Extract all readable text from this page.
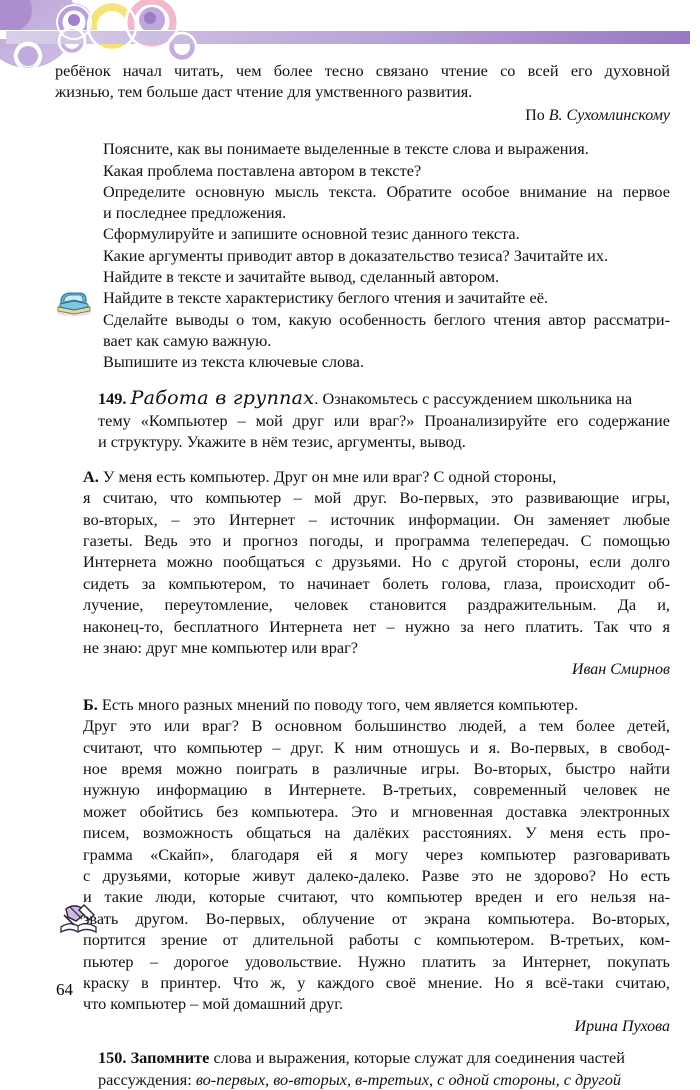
ребёнок начал читать, чем более тесно связано чтение со всей его духовной
жизнью, тем больше даст чтение для умственного развития.

По В. Сухомлинскому

Поясните, как вы понимаете выделенные в тексте слова и выражения.

Какая проблема поставлена автором в тексте?

Определите основную мысль текста. Обратите особое внимание на первое
и последнее предложения.

Сформулируйте и запишите основной тезис данного текста.

Какие аргументы приводит автор в доказательство тезиса? Зачитайте их.

Найдите в тексте и зачитайте вывод, сделанный автором.

Найдите в тексте характеристику беглого чтения и зачитайте её.

Сделайте выводы о том, какую особенность беглого чтения автор рассматри-
вает как самую важную.

Выпишите из текста ключевые слова.

149. Работа в группах. Ознакомьтесь с рассуждением школьника на
тему «Компьютер – мой друг или враг?» Проанализируйте его содержание
и структуру. Укажите в нём тезис, аргументы, вывод.

А. У меня есть компьютер. Друг он мне или враг? С одной стороны,
я считаю, что компьютер – мой друг. Во-первых, это развивающие игры,
во-вторых, – это Интернет – источник информации. Он заменяет любые
газеты. Ведь это и прогноз погоды, и программа телепередач. С помощью
Интернета можно пообщаться с друзьями. Но с другой стороны, если долго
сидеть за компьютером, то начинает болеть голова, глаза, происходит об-
лучение, переутомление, человек становится раздражительным. Да и,
наконец-то, бесплатного Интернета нет – нужно за него платить. Так что я
не знаю: друг мне компьютер или враг?

Иван Смирнов

Б. Есть много разных мнений по поводу того, чем является компьютер.
Друг это или враг? В основном большинство людей, а тем более детей,
считают, что компьютер – друг. К ним отношусь и я. Во-первых, в свобод-
ное время можно поиграть в различные игры. Во-вторых, быстро найти
нужную информацию в Интернете. В-третьих, современный человек не
может обойтись без компьютера. Это и мгновенная доставка электронных
писем, возможность общаться на далёких расстояниях. У меня есть про-
грамма «Скайп», благодаря ей я могу через компьютер разговаривать
с друзьями, которые живут далеко-далеко. Разве это не здорово? Но есть
и такие люди, которые считают, что компьютер вреден и его нельзя на-
звать другом. Во-первых, облучение от экрана компьютера. Во-вторых,
портится зрение от длительной работы с компьютером. В-третьих, ком-
пьютер – дорогое удовольствие. Нужно платить за Интернет, покупать
краску в принтер. Что ж, у каждого своё мнение. Но я всё-таки считаю,
что компьютер – мой домашний друг.

Ирина Пухова

150. Запомните слова и выражения, которые служат для соединения частей
рассуждения: во-первых, во-вторых, в-третьих, с одной стороны, с другой

64
